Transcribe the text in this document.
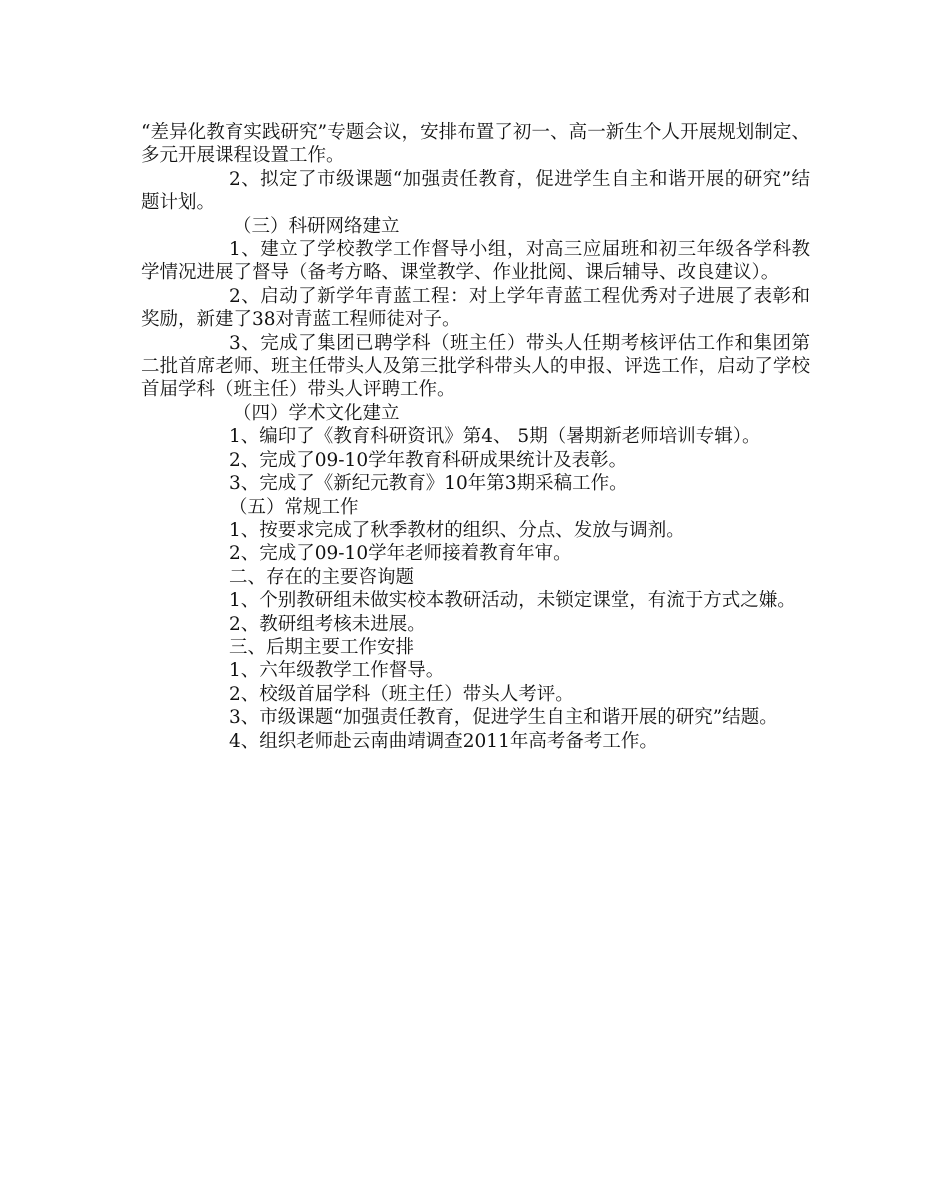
“差异化教育实践研究”专题会议，安排布置了初一、高一新生个人开展规划制定、多元开展课程设置工作。

2、拟定了市级课题“加强责任教育，促进学生自主和谐开展的研究”结题计划。

（三）科研网络建立

1、建立了学校教学工作督导小组，对高三应届班和初三年级各学科教学情况进展了督导（备考方略、课堂教学、作业批阅、课后辅导、改良建议）。

2、启动了新学年青蓝工程：对上学年青蓝工程优秀对子进展了表彰和奖励，新建了38对青蓝工程师徒对子。

3、完成了集团已聘学科（班主任）带头人任期考核评估工作和集团第二批首席老师、班主任带头人及第三批学科带头人的申报、评选工作，启动了学校首届学科（班主任）带头人评聘工作。

（四）学术文化建立

1、编印了《教育科研资讯》第4、 5期（暑期新老师培训专辑）。

2、完成了09-10学年教育科研成果统计及表彰。

3、完成了《新纪元教育》10年第3期采稿工作。

（五）常规工作

1、按要求完成了秋季教材的组织、分点、发放与调剂。

2、完成了09-10学年老师接着教育年审。

二、存在的主要咨询题

1、个别教研组未做实校本教研活动，未锁定课堂，有流于方式之嫌。

2、教研组考核未进展。

三、后期主要工作安排

1、六年级教学工作督导。

2、校级首届学科（班主任）带头人考评。

3、市级课题“加强责任教育，促进学生自主和谐开展的研究”结题。

4、组织老师赴云南曲靖调查2011年高考备考工作。
